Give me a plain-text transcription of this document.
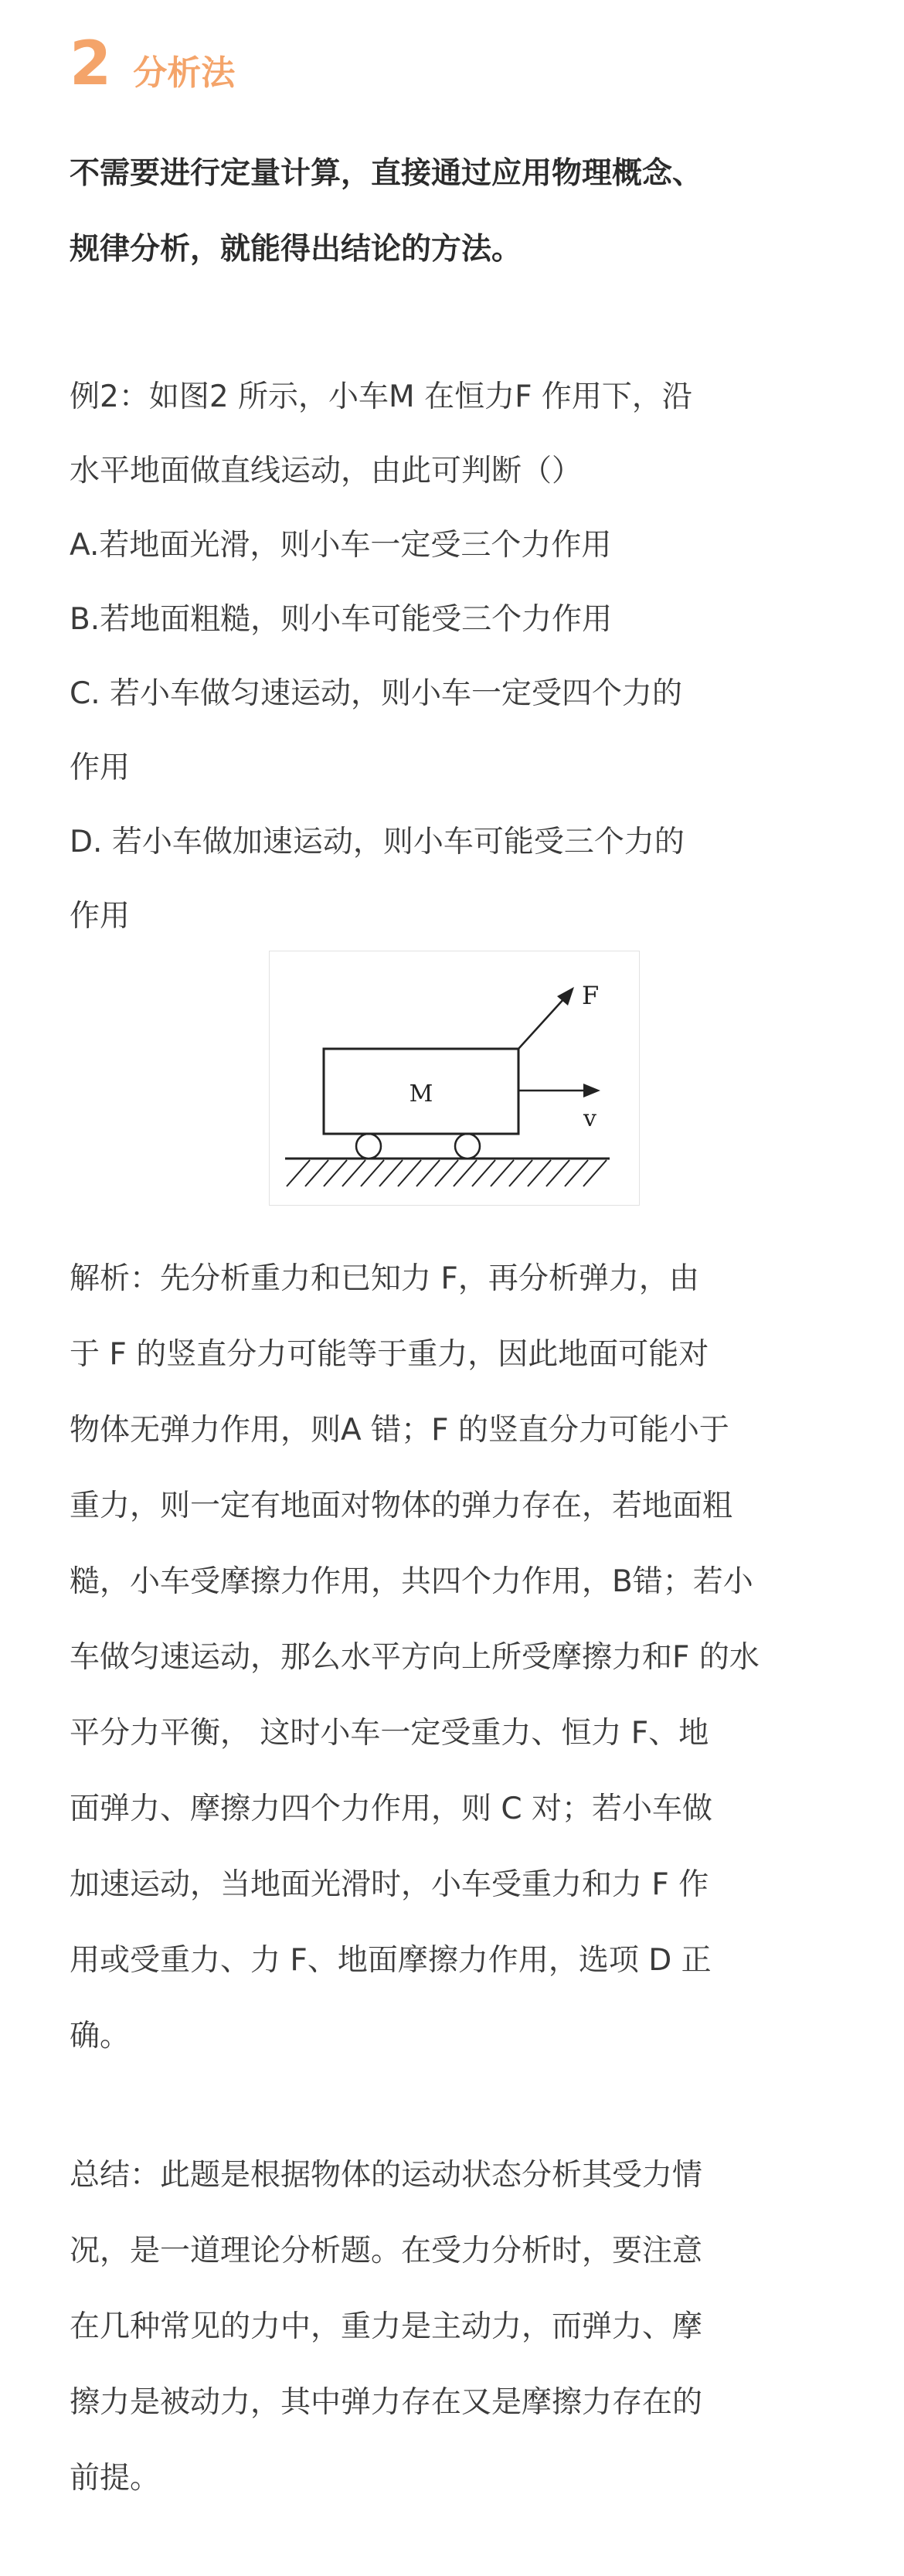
2 分析法

不需要进行定量计算，直接通过应用物理概念、
规律分析，就能得出结论的方法。

例2：如图2 所示，小车M 在恒力F 作用下，沿
水平地面做直线运动，由此可判断（）
A.若地面光滑，则小车一定受三个力作用
B.若地面粗糙，则小车可能受三个力作用
C. 若小车做匀速运动，则小车一定受四个力的
作用
D. 若小车做加速运动，则小车可能受三个力的
作用

M
F
v

解析：先分析重力和已知力 F，再分析弹力，由
于 F 的竖直分力可能等于重力，因此地面可能对
物体无弹力作用，则A 错；F 的竖直分力可能小于
重力，则一定有地面对物体的弹力存在，若地面粗
糙，小车受摩擦力作用，共四个力作用，B错；若小
车做匀速运动，那么水平方向上所受摩擦力和F 的水
平分力平衡， 这时小车一定受重力、恒力 F、地
面弹力、摩擦力四个力作用，则 C 对；若小车做
加速运动，当地面光滑时，小车受重力和力 F 作
用或受重力、力 F、地面摩擦力作用，选项 D 正
确。

总结：此题是根据物体的运动状态分析其受力情
况，是一道理论分析题。在受力分析时，要注意
在几种常见的力中，重力是主动力，而弹力、摩
擦力是被动力，其中弹力存在又是摩擦力存在的
前提。
